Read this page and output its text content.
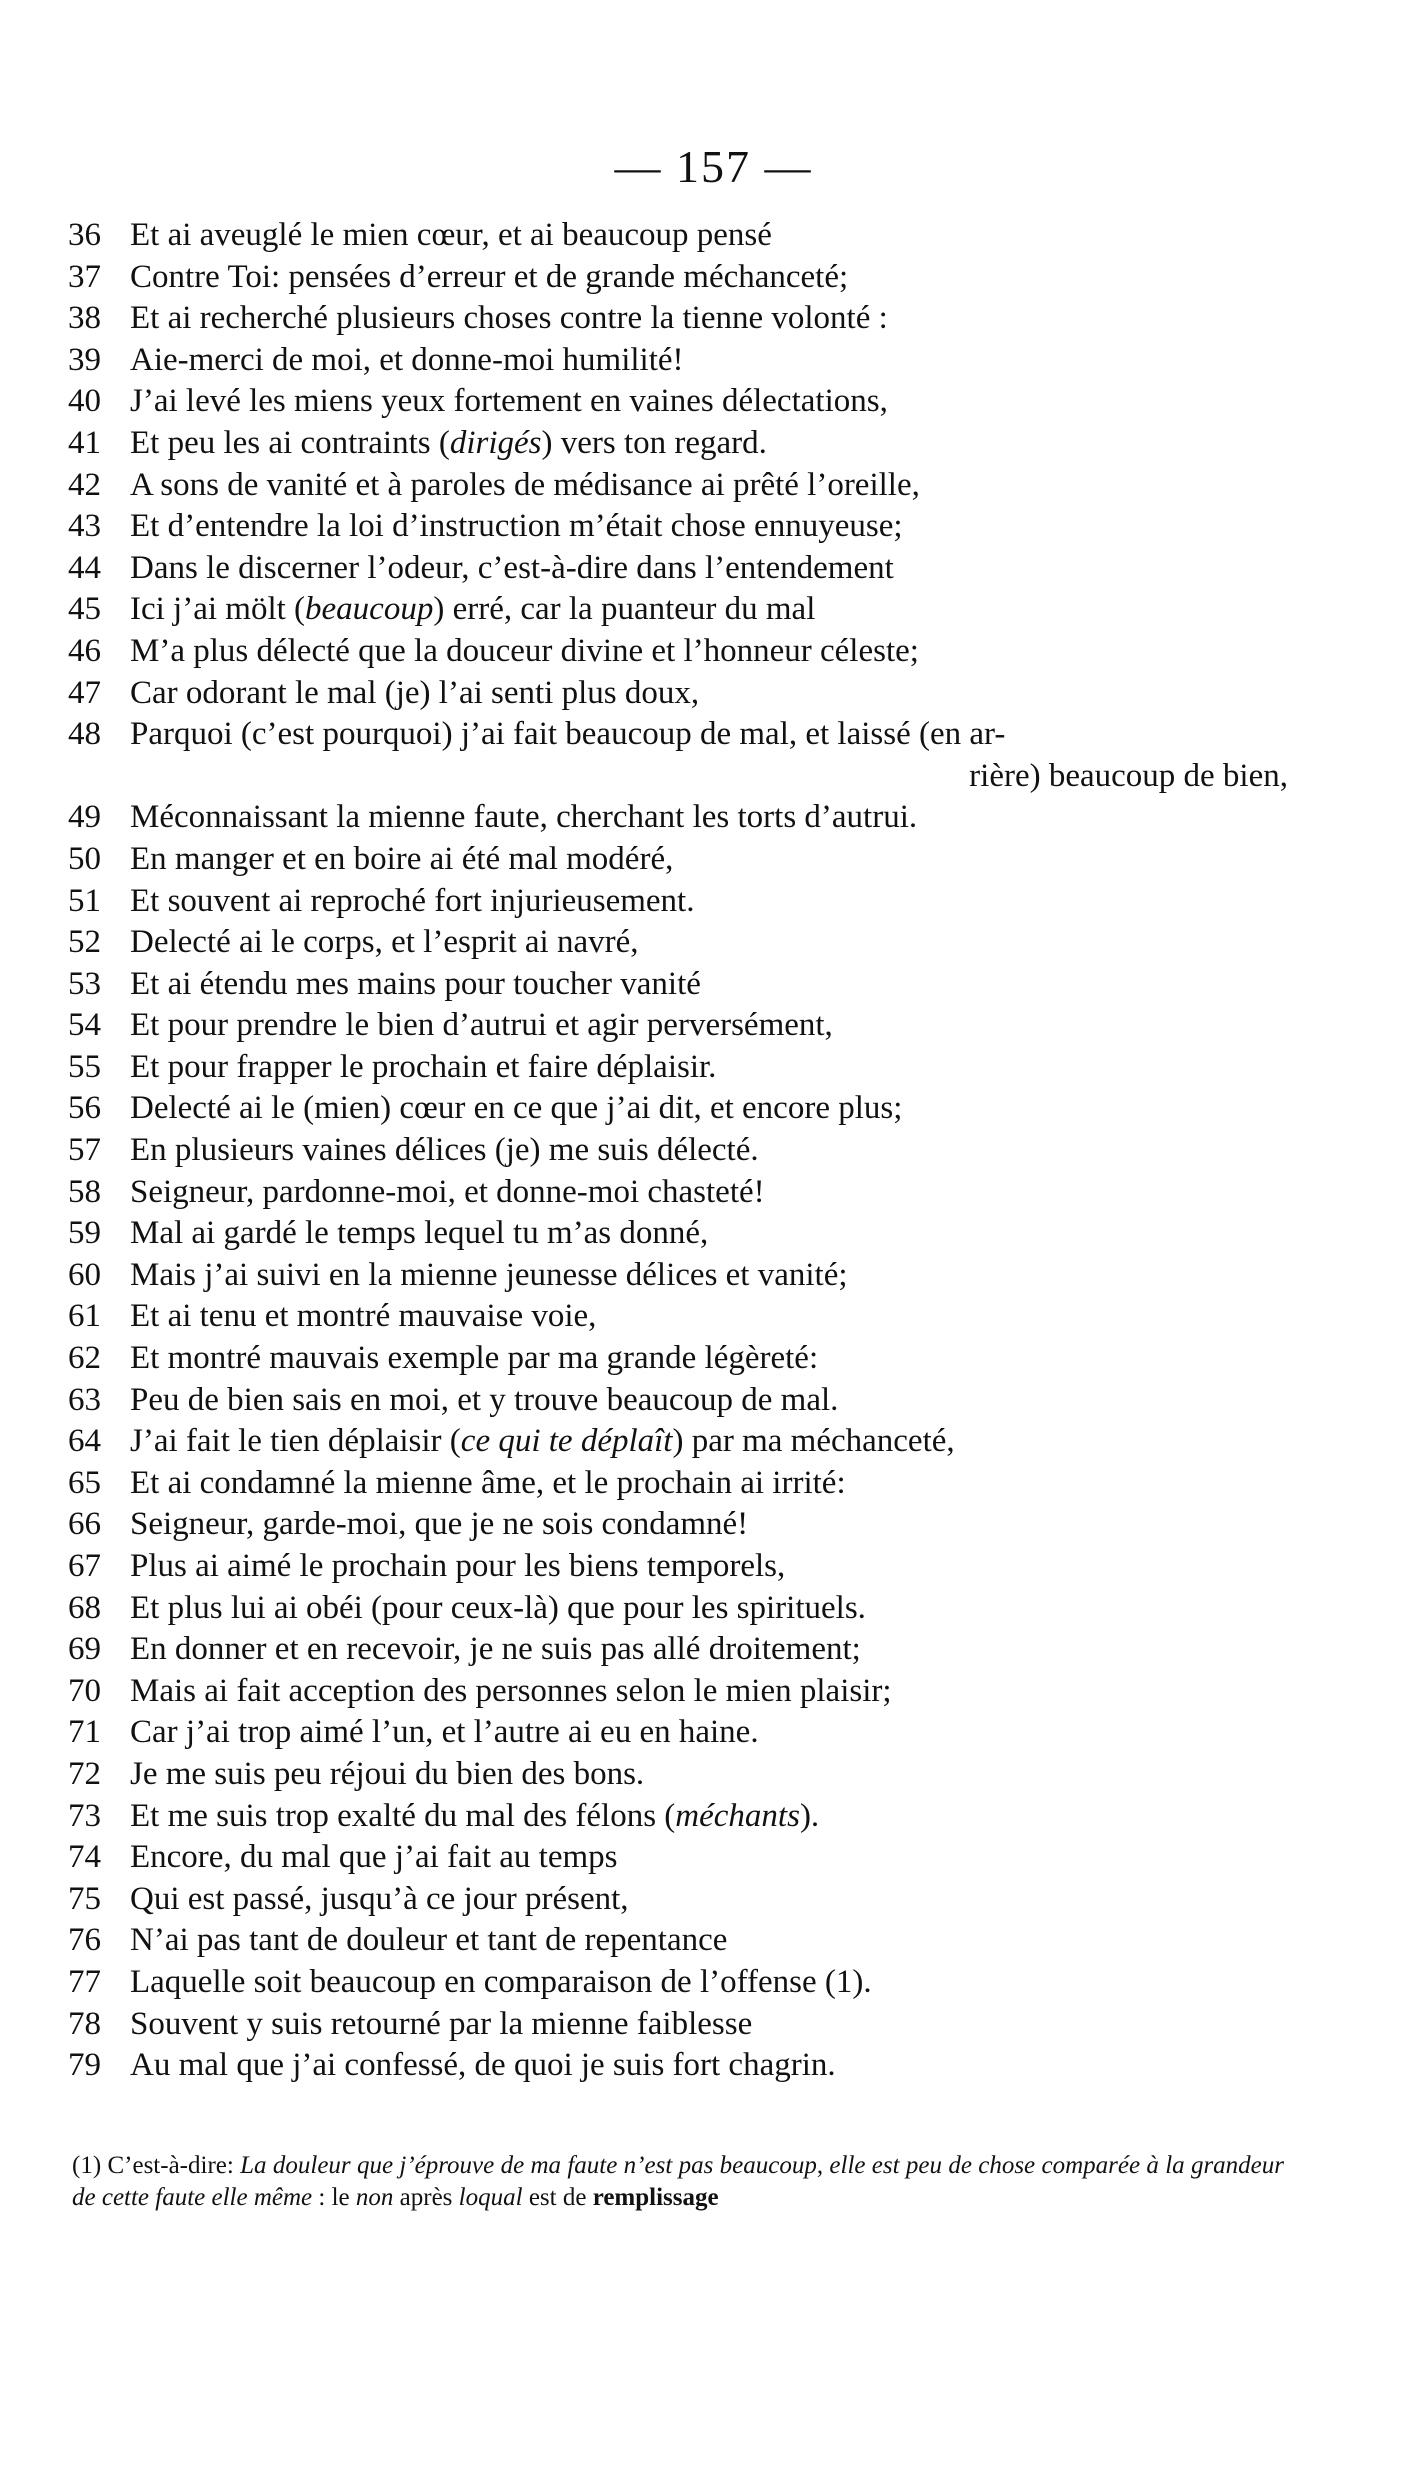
— 157 —
36 Et ai aveuglé le mien cœur, et ai beaucoup pensé
37 Contre Toi: pensées d’erreur et de grande méchanceté;
38 Et ai recherché plusieurs choses contre la tienne volonté :
39 Aie-merci de moi, et donne-moi humilité!
40 J’ai levé les miens yeux fortement en vaines délectations,
41 Et peu les ai contraints (dirigés) vers ton regard.
42 A sons de vanité et à paroles de médisance ai prêté l’oreille,
43 Et d’entendre la loi d’instruction m’était chose ennuyeuse;
44 Dans le discerner l’odeur, c’est-à-dire dans l’entendement
45 Ici j’ai mölt (beaucoup) erré, car la puanteur du mal
46 M’a plus délecté que la douceur divine et l’honneur céleste;
47 Car odorant le mal (je) l’ai senti plus doux,
48 Parquoi (c’est pourquoi) j’ai fait beaucoup de mal, et laissé (en ar-
rière) beaucoup de bien,
49 Méconnaissant la mienne faute, cherchant les torts d’autrui.
50 En manger et en boire ai été mal modéré,
51 Et souvent ai reproché fort injurieusement.
52 Delecté ai le corps, et l’esprit ai navré,
53 Et ai étendu mes mains pour toucher vanité
54 Et pour prendre le bien d’autrui et agir perversément,
55 Et pour frapper le prochain et faire déplaisir.
56 Delecté ai le (mien) cœur en ce que j’ai dit, et encore plus;
57 En plusieurs vaines délices (je) me suis délecté.
58 Seigneur, pardonne-moi, et donne-moi chasteté!
59 Mal ai gardé le temps lequel tu m’as donné,
60 Mais j’ai suivi en la mienne jeunesse délices et vanité;
61 Et ai tenu et montré mauvaise voie,
62 Et montré mauvais exemple par ma grande légèreté:
63 Peu de bien sais en moi, et y trouve beaucoup de mal.
64 J’ai fait le tien déplaisir (ce qui te déplaît) par ma méchanceté,
65 Et ai condamné la mienne âme, et le prochain ai irrité:
66 Seigneur, garde-moi, que je ne sois condamné!
67 Plus ai aimé le prochain pour les biens temporels,
68 Et plus lui ai obéi (pour ceux-là) que pour les spirituels.
69 En donner et en recevoir, je ne suis pas allé droitement;
70 Mais ai fait acception des personnes selon le mien plaisir;
71 Car j’ai trop aimé l’un, et l’autre ai eu en haine.
72 Je me suis peu réjoui du bien des bons.
73 Et me suis trop exalté du mal des félons (méchants).
74 Encore, du mal que j’ai fait au temps
75 Qui est passé, jusqu’à ce jour présent,
76 N’ai pas tant de douleur et tant de repentance
77 Laquelle soit beaucoup en comparaison de l’offense (1).
78 Souvent y suis retourné par la mienne faiblesse
79 Au mal que j’ai confessé, de quoi je suis fort chagrin.
(1) C’est-à-dire: La douleur que j’éprouve de ma faute n’est pas beaucoup, elle est peu de chose comparée à la grandeur de cette faute elle même : le non après loqual est de remplissage
